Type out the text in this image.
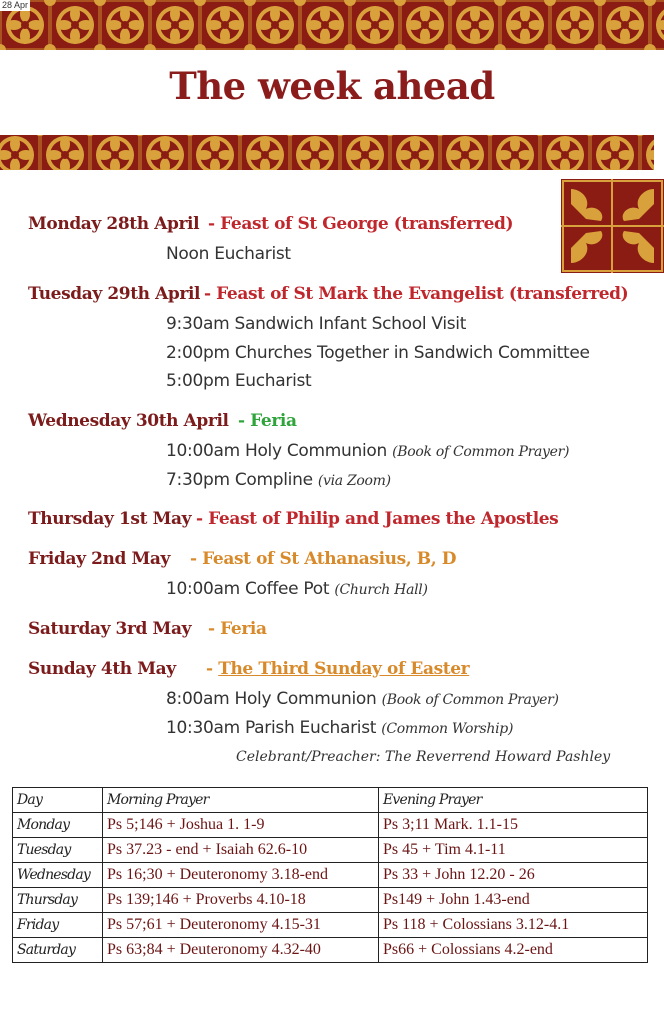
28 Apr
The week ahead
Monday 28th April - Feast of St George (transferred)
Noon Eucharist
Tuesday 29th April - Feast of St Mark the Evangelist (transferred)
9:30am Sandwich Infant School Visit
2:00pm Churches Together in Sandwich Committee
5:00pm Eucharist
Wednesday 30th April - Feria
10:00am Holy Communion (Book of Common Prayer)
7:30pm Compline (via Zoom)
Thursday 1st May - Feast of Philip and James the Apostles
Friday 2nd May - Feast of St Athanasius, B, D
10:00am Coffee Pot (Church Hall)
Saturday 3rd May - Feria
Sunday 4th May - The Third Sunday of Easter
8:00am Holy Communion (Book of Common Prayer)
10:30am Parish Eucharist (Common Worship)
Celebrant/Preacher: The Reverrend Howard Pashley
Day	Morning Prayer	Evening Prayer
Monday	Ps 5;146 + Joshua 1. 1-9	Ps 3;11 Mark. 1.1-15
Tuesday	Ps 37.23 - end + Isaiah 62.6-10	Ps 45 + Tim 4.1-11
Wednesday	Ps 16;30 + Deuteronomy 3.18-end	Ps 33 + John 12.20 - 26
Thursday	Ps 139;146 + Proverbs 4.10-18	Ps149 + John 1.43-end
Friday	Ps 57;61 + Deuteronomy 4.15-31	Ps 118 + Colossians 3.12-4.1
Saturday	Ps 63;84 + Deuteronomy 4.32-40	Ps66 + Colossians 4.2-end
